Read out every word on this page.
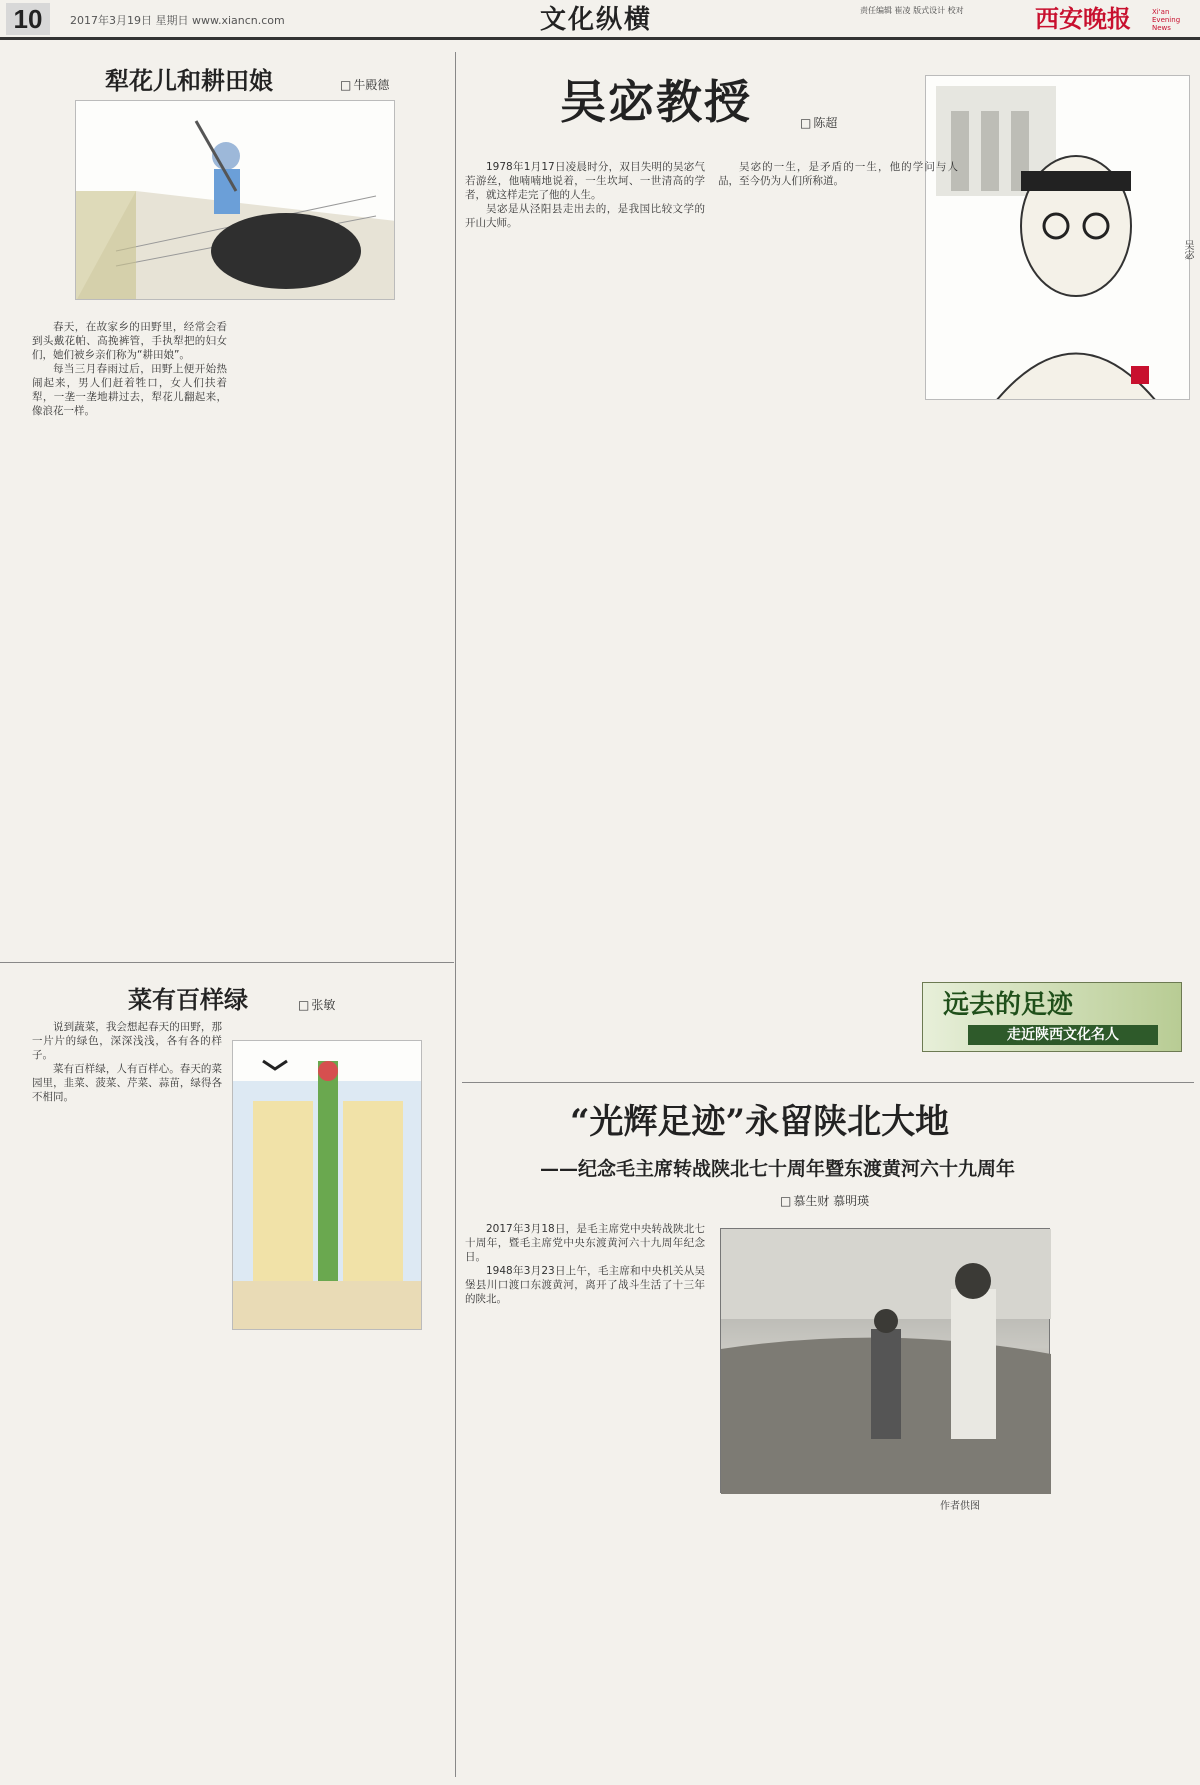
10	2017年3月19日 星期日 www.xiancn.com	文化纵横	责任编辑 崔凌 版式设计 校对	西安晚报	Xi'an Evening News
犁花儿和耕田娘	□ 牛殿德

春天，在故家乡的田野里，经常会看到头戴花帕、高挽裤管，手执犁把的妇女们，她们被乡亲们称为“耕田娘”。

每当三月春雨过后，田野上便开始热闹起来，男人们赶着牲口，女人们扶着犁，一垄一垄地耕过去，犁花儿翻起来，像浪花一样。

菜有百样绿	□ 张敏

说到蔬菜，我会想起春天的田野，那一片片的绿色，深深浅浅，各有各的样子。

菜有百样绿，人有百样心。春天的菜园里，韭菜、菠菜、芹菜、蒜苗，绿得各不相同。

吴宓教授	□ 陈超
吴宓

1978年1月17日凌晨时分，双目失明的吴宓气若游丝，他喃喃地说着，一生坎坷、一世清高的学者，就这样走完了他的人生。

吴宓是从泾阳县走出去的，是我国比较文学的开山大师。

吴宓的一生，是矛盾的一生，他的学问与人品，至今仍为人们所称道。

远去的足迹
走近陕西文化名人
“光辉足迹”永留陕北大地
——纪念毛主席转战陕北七十周年暨东渡黄河六十九周年
□ 慕生财 慕明瑛
作者供图

2017年3月18日，是毛主席党中央转战陕北七十周年，暨毛主席党中央东渡黄河六十九周年纪念日。

1948年3月23日上午，毛主席和中央机关从吴堡县川口渡口东渡黄河，离开了战斗生活了十三年的陕北。
